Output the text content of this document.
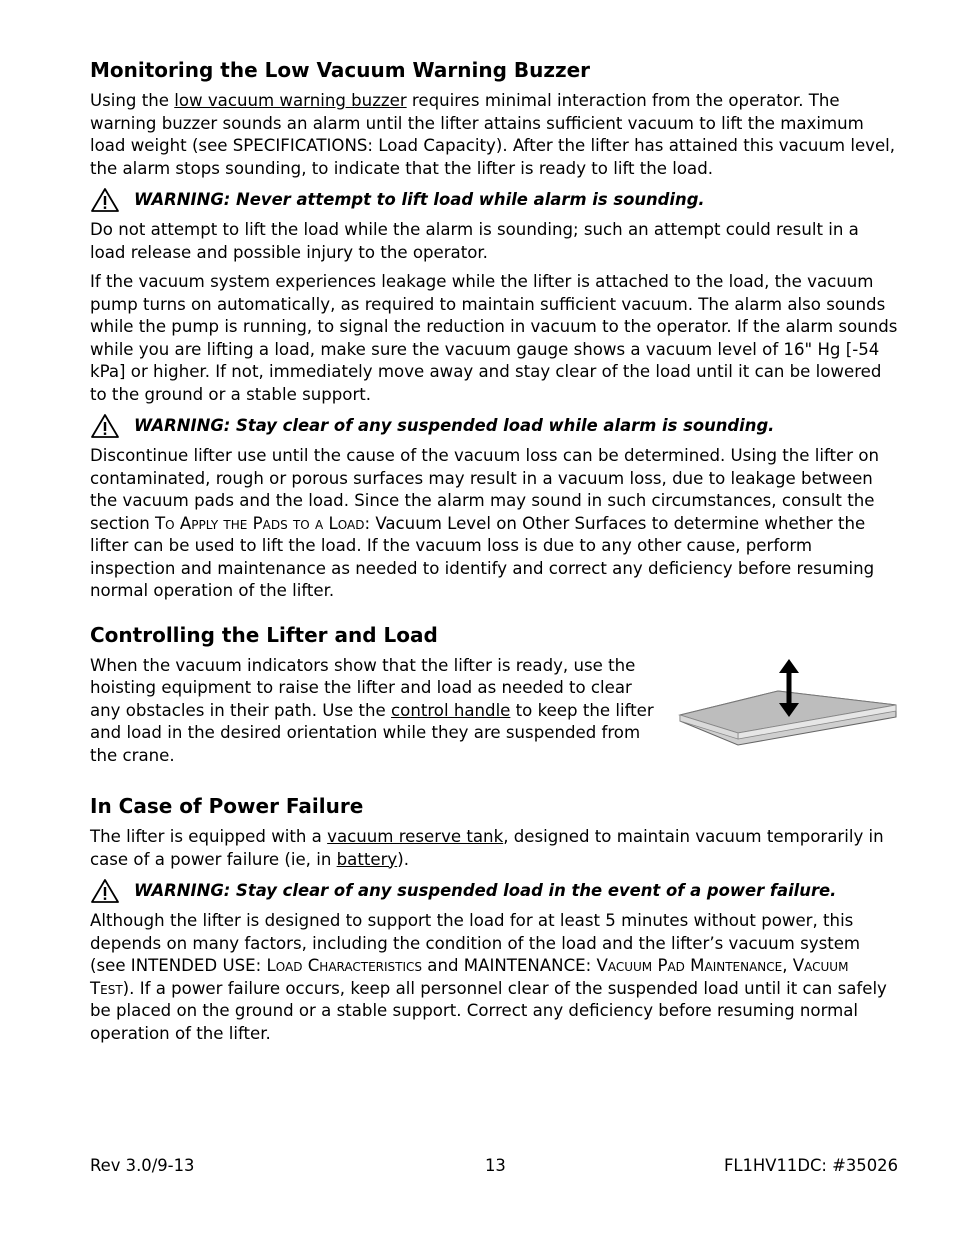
Monitoring the Low Vacuum Warning Buzzer

Using the low vacuum warning buzzer requires minimal interaction from the operator. The warning buzzer sounds an alarm until the lifter attains sufficient vacuum to lift the maximum load weight (see SPECIFICATIONS: Load Capacity). After the lifter has attained this vacuum level, the alarm stops sounding, to indicate that the lifter is ready to lift the load.

WARNING: Never attempt to lift load while alarm is sounding.

Do not attempt to lift the load while the alarm is sounding; such an attempt could result in a load release and possible injury to the operator.

If the vacuum system experiences leakage while the lifter is attached to the load, the vacuum pump turns on automatically, as required to maintain sufficient vacuum. The alarm also sounds while the pump is running, to signal the reduction in vacuum to the operator. If the alarm sounds while you are lifting a load, make sure the vacuum gauge shows a vacuum level of 16" Hg [-54 kPa] or higher. If not, immediately move away and stay clear of the load until it can be lowered to the ground or a stable support.

WARNING: Stay clear of any suspended load while alarm is sounding.

Discontinue lifter use until the cause of the vacuum loss can be determined. Using the lifter on contaminated, rough or porous surfaces may result in a vacuum loss, due to leakage between the vacuum pads and the load. Since the alarm may sound in such circumstances, consult the section To Apply the Pads to a Load: Vacuum Level on Other Surfaces to determine whether the lifter can be used to lift the load. If the vacuum loss is due to any other cause, perform inspection and maintenance as needed to identify and correct any deficiency before resuming normal operation of the lifter.

Controlling the Lifter and Load

When the vacuum indicators show that the lifter is ready, use the hoisting equipment to raise the lifter and load as needed to clear any obstacles in their path. Use the control handle to keep the lifter and load in the desired orientation while they are suspended from the crane.

In Case of Power Failure

The lifter is equipped with a vacuum reserve tank, designed to maintain vacuum temporarily in case of a power failure (ie, in battery).

WARNING: Stay clear of any suspended load in the event of a power failure.

Although the lifter is designed to support the load for at least 5 minutes without power, this depends on many factors, including the condition of the load and the lifter’s vacuum system (see INTENDED USE: Load Characteristics and MAINTENANCE: Vacuum Pad Maintenance, Vacuum Test). If a power failure occurs, keep all personnel clear of the suspended load until it can safely be placed on the ground or a stable support. Correct any deficiency before resuming normal operation of the lifter.

Rev 3.0/9-13	13	FL1HV11DC: #35026
